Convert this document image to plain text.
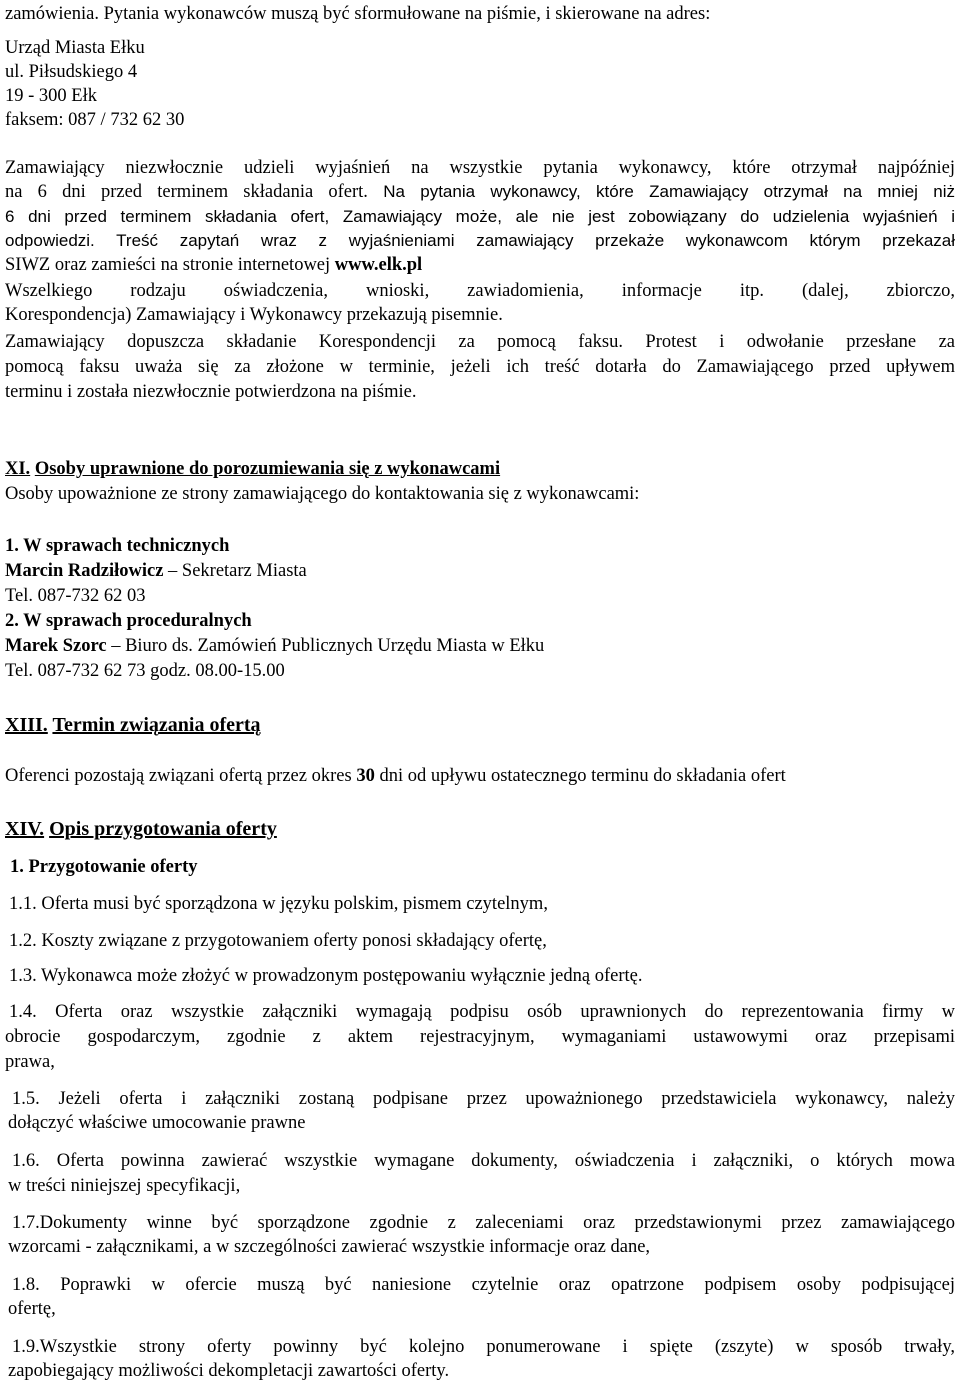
zamówienia. Pytania wykonawców muszą być sformułowane na piśmie, i skierowane na adres:
Urząd Miasta Ełku
ul. Piłsudskiego 4
19 - 300 Ełk
faksem: 087 / 732 62 30
Zamawiający niezwłocznie udzieli wyjaśnień na wszystkie pytania wykonawcy, które otrzymał najpóźniej
na 6 dni przed terminem składania ofert. Na pytania wykonawcy, które Zamawiający otrzymał na mniej niż
6 dni przed terminem składania ofert, Zamawiający może, ale nie jest zobowiązany do udzielenia wyjaśnień i
odpowiedzi. Treść zapytań wraz z wyjaśnieniami zamawiający przekaże wykonawcom którym przekazał
SIWZ oraz zamieści na stronie internetowej www.elk.pl
Wszelkiego rodzaju oświadczenia, wnioski, zawiadomienia, informacje itp. (dalej, zbiorczo,
Korespondencja) Zamawiający i Wykonawcy przekazują pisemnie.
Zamawiający dopuszcza składanie Korespondencji za pomocą faksu. Protest i odwołanie przesłane za
pomocą faksu uważa się za złożone w terminie, jeżeli ich treść dotarła do Zamawiającego przed upływem
terminu i została niezwłocznie potwierdzona na piśmie.
XI. Osoby uprawnione do porozumiewania się z wykonawcami
Osoby upoważnione ze strony zamawiającego do kontaktowania się z wykonawcami:
1. W sprawach technicznych
Marcin Radziłowicz – Sekretarz Miasta
Tel. 087-732 62 03
2. W sprawach proceduralnych
Marek Szorc – Biuro ds. Zamówień Publicznych Urzędu Miasta w Ełku
Tel. 087-732 62 73 godz. 08.00-15.00
XIII. Termin związania ofertą
Oferenci pozostają związani ofertą przez okres 30 dni od upływu ostatecznego terminu do składania ofert
XIV. Opis przygotowania oferty
1. Przygotowanie oferty
1.1. Oferta musi być sporządzona w języku polskim, pismem czytelnym,
1.2. Koszty związane z przygotowaniem oferty ponosi składający ofertę,
1.3. Wykonawca może złożyć w prowadzonym postępowaniu wyłącznie jedną ofertę.
1.4. Oferta oraz wszystkie załączniki wymagają podpisu osób uprawnionych do reprezentowania firmy w
obrocie gospodarczym, zgodnie z aktem rejestracyjnym, wymaganiami ustawowymi oraz przepisami
prawa,
1.5. Jeżeli oferta i załączniki zostaną podpisane przez upoważnionego przedstawiciela wykonawcy, należy
dołączyć właściwe umocowanie prawne
1.6. Oferta powinna zawierać wszystkie wymagane dokumenty, oświadczenia i załączniki, o których mowa
w treści niniejszej specyfikacji,
1.7.Dokumenty winne być sporządzone zgodnie z zaleceniami oraz przedstawionymi przez zamawiającego
wzorcami - załącznikami, a w szczególności zawierać wszystkie informacje oraz dane,
1.8. Poprawki w ofercie muszą być naniesione czytelnie oraz opatrzone podpisem osoby podpisującej
ofertę,
1.9.Wszystkie strony oferty powinny być kolejno ponumerowane i spięte (zszyte) w sposób trwały,
zapobiegający możliwości dekompletacji zawartości oferty.
